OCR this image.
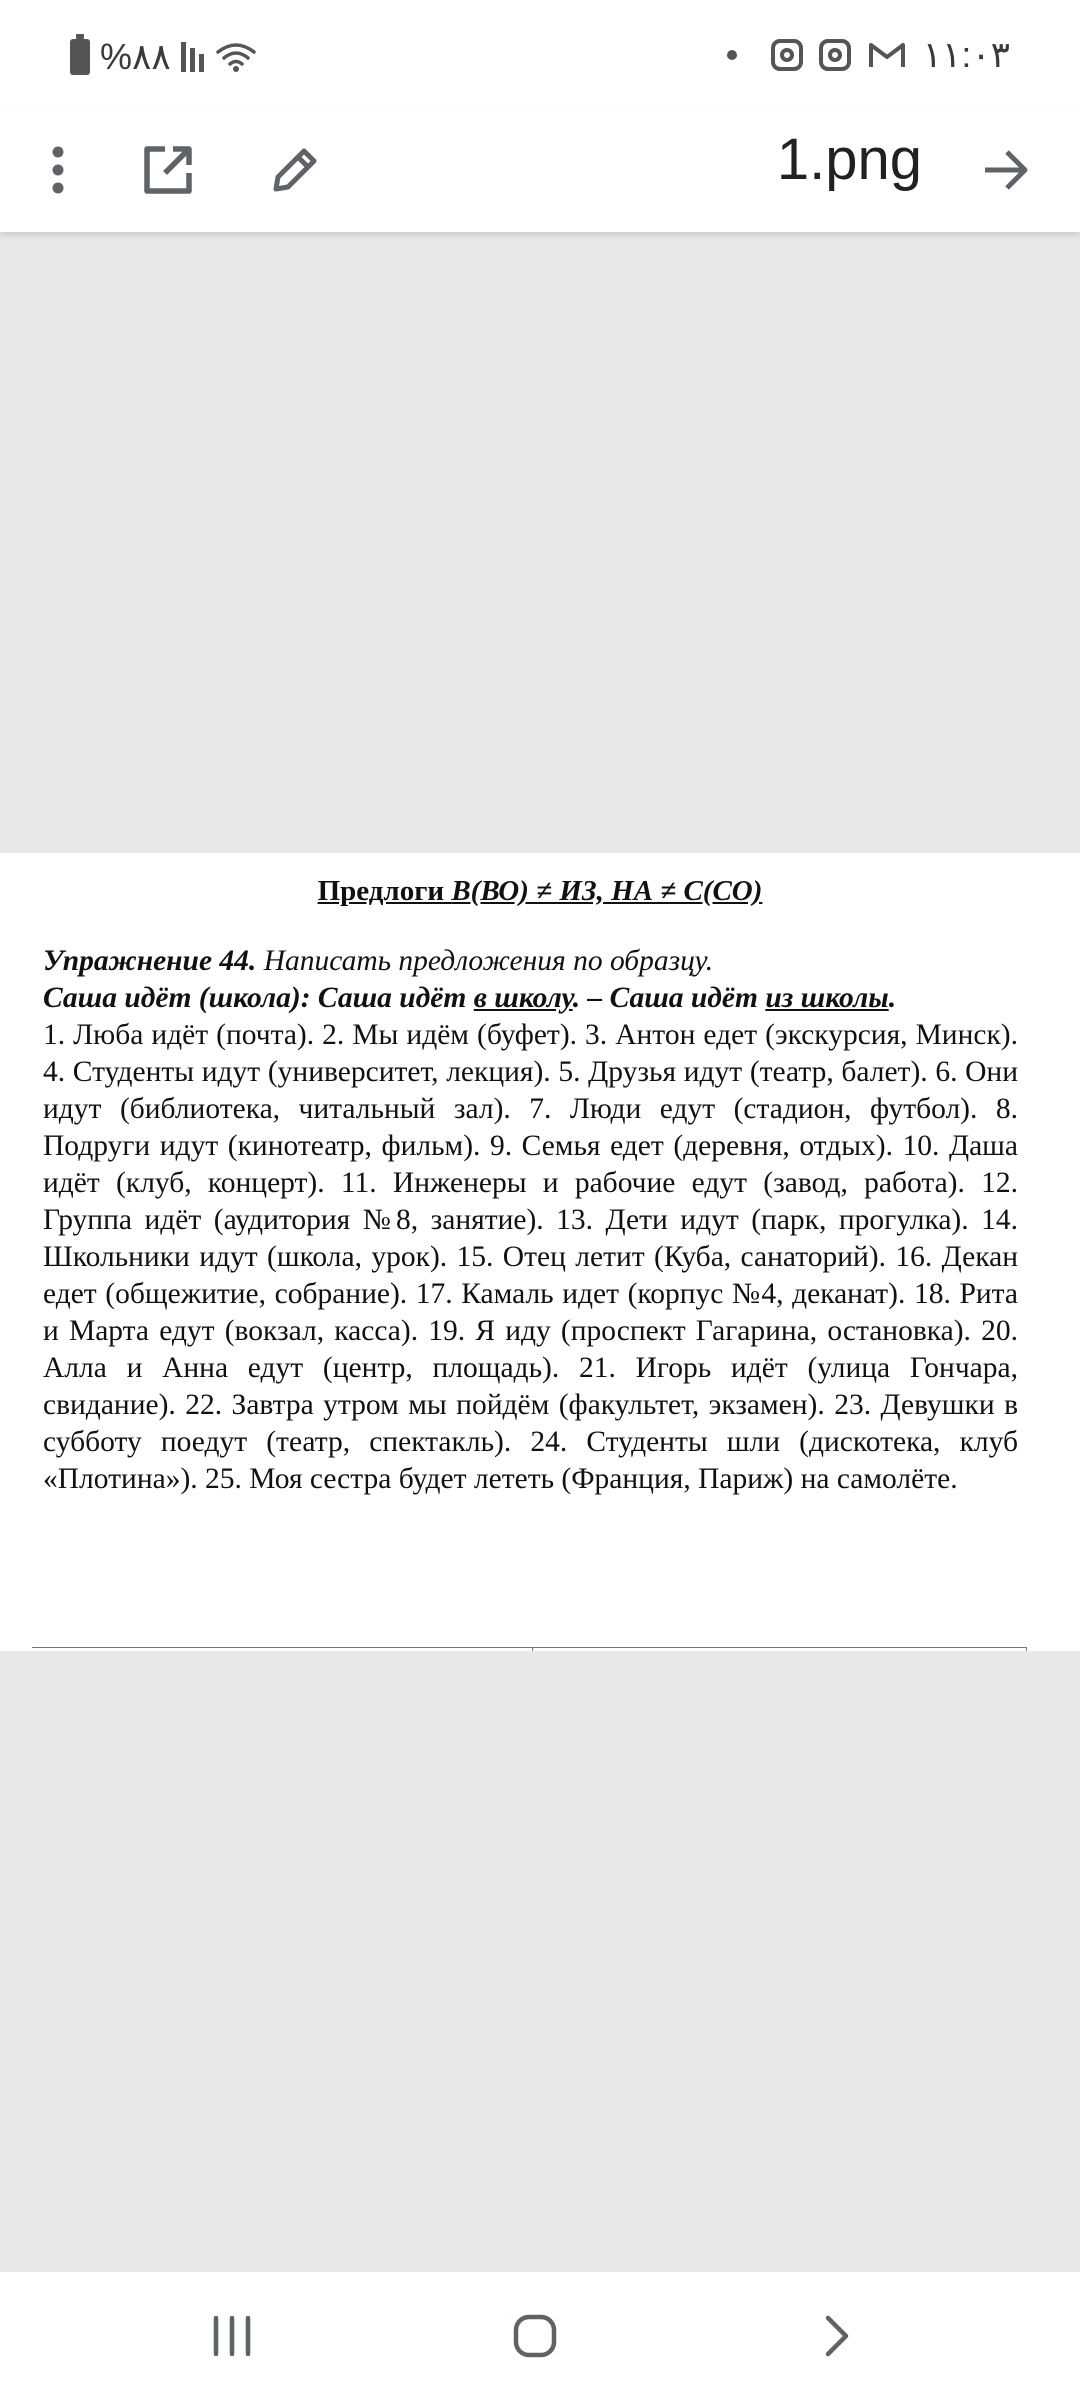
%۸۸	۱۱:۰۳
1.png
Предлоги В(ВО) ≠ ИЗ, НА ≠ С(СО)

Упражнение 44. Написать предложения по образцу.

Саша идёт (школа): Саша идёт в школу. – Саша идёт из школы.

1. Люба идёт (почта). 2. Мы идём (буфет). 3. Антон едет (экскурсия, Минск). 4. Студенты идут (университет, лекция). 5. Друзья идут (театр, балет). 6. Они идут (библиотека, читальный зал). 7. Люди едут (стадион, футбол). 8. Подруги идут (кинотеатр, фильм). 9. Семья едет (деревня, отдых). 10. Даша идёт (клуб, концерт). 11. Инженеры и рабочие едут (завод, работа). 12. Группа идёт (аудитория №8, занятие). 13. Дети идут (парк, прогулка). 14. Школьники идут (школа, урок). 15. Отец летит (Куба, санаторий). 16. Декан едет (общежитие, собрание). 17. Камаль идет (корпус №4, деканат). 18. Рита и Марта едут (вокзал, касса). 19. Я иду (проспект Гагарина, остановка). 20. Алла и Анна едут (центр, площадь). 21. Игорь идёт (улица Гончара, свидание). 22. Завтра утром мы пойдём (факультет, экзамен). 23. Девушки в субботу поедут (театр, спектакль). 24. Студенты шли (дискотека, клуб «Плотина»). 25. Моя сестра будет лететь (Франция, Париж) на самолёте.
